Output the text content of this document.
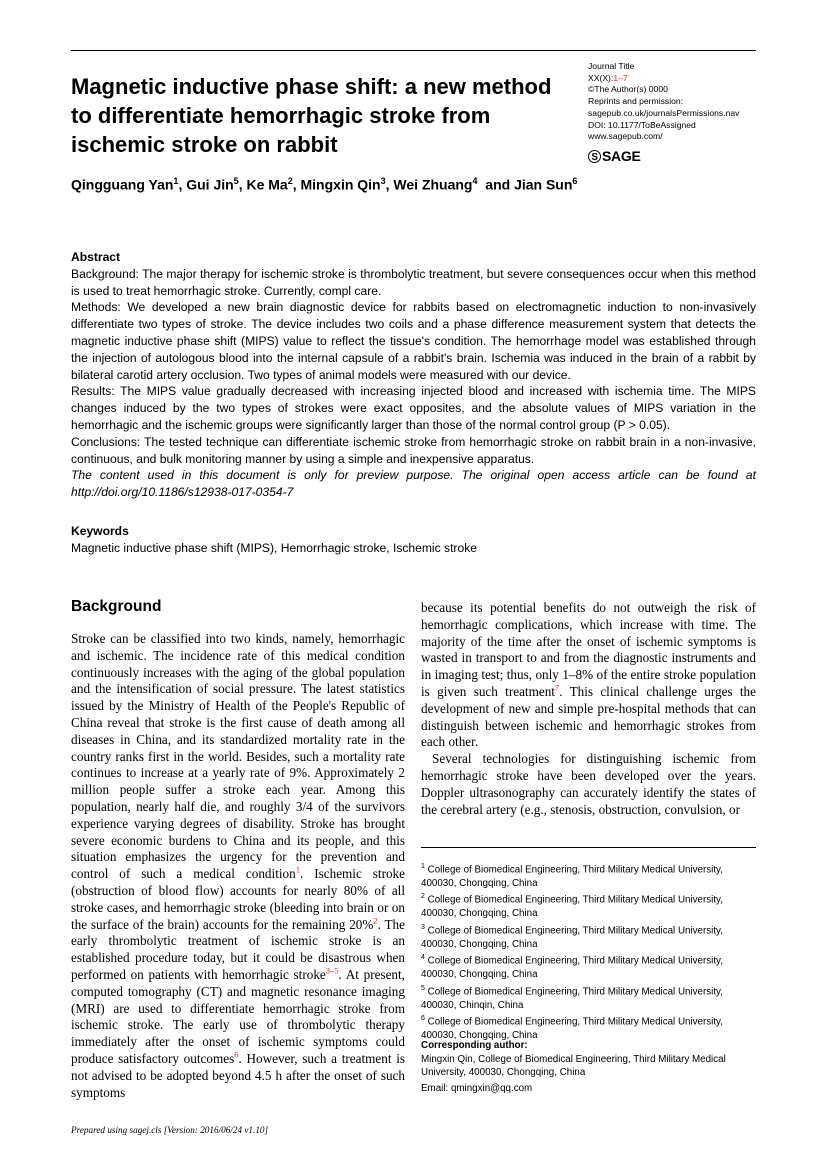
Magnetic inductive phase shift: a new method to differentiate hemorrhagic stroke from ischemic stroke on rabbit
Journal Title
XX(X):1–7
©The Author(s) 0000
Reprints and permission:
sagepub.co.uk/journalsPermissions.nav
DOI: 10.1177/ToBeAssigned
www.sagepub.com/
S SAGE
Qingguang Yan$^1$, Gui Jin$^5$, Ke Ma$^2$, Mingxin Qin$^3$, Wei Zhuang$^4$  and Jian Sun$^6$
Abstract

Background: The major therapy for ischemic stroke is thrombolytic treatment, but severe consequences occur when this method is used to treat hemorrhagic stroke. Currently, compl care.

Methods: We developed a new brain diagnostic device for rabbits based on electromagnetic induction to non-invasively differentiate two types of stroke. The device includes two coils and a phase difference measurement system that detects the magnetic inductive phase shift (MIPS) value to reflect the tissue's condition. The hemorrhage model was established through the injection of autologous blood into the internal capsule of a rabbit's brain. Ischemia was induced in the brain of a rabbit by bilateral carotid artery occlusion. Two types of animal models were measured with our device.

Results: The MIPS value gradually decreased with increasing injected blood and increased with ischemia time. The MIPS changes induced by the two types of strokes were exact opposites, and the absolute values of MIPS variation in the hemorrhagic and the ischemic groups were significantly larger than those of the normal control group (P > 0.05).

Conclusions: The tested technique can differentiate ischemic stroke from hemorrhagic stroke on rabbit brain in a non-invasive, continuous, and bulk monitoring manner by using a simple and inexpensive apparatus.

The content used in this document is only for preview purpose. The original open access article can be found at http://doi.org/10.1186/s12938-017-0354-7

Keywords

Magnetic inductive phase shift (MIPS), Hemorrhagic stroke, Ischemic stroke

Background

Stroke can be classified into two kinds, namely, hemorrhagic and ischemic. The incidence rate of this medical condition continuously increases with the aging of the global population and the intensification of social pressure. The latest statistics issued by the Ministry of Health of the People's Republic of China reveal that stroke is the first cause of death among all diseases in China, and its standardized mortality rate in the country ranks first in the world. Besides, such a mortality rate continues to increase at a yearly rate of 9%. Approximately 2 million people suffer a stroke each year. Among this population, nearly half die, and roughly 3/4 of the survivors experience varying degrees of disability. Stroke has brought severe economic burdens to China and its people, and this situation emphasizes the urgency for the prevention and control of such a medical condition$^1$. Ischemic stroke (obstruction of blood flow) accounts for nearly 80% of all stroke cases, and hemorrhagic stroke (bleeding into brain or on the surface of the brain) accounts for the remaining 20%$^2$. The early thrombolytic treatment of ischemic stroke is an established procedure today, but it could be disastrous when performed on patients with hemorrhagic stroke$^{3-5}$. At present, computed tomography (CT) and magnetic resonance imaging (MRI) are used to differentiate hemorrhagic stroke from ischemic stroke. The early use of thrombolytic therapy immediately after the onset of ischemic symptoms could produce satisfactory outcomes$^6$. However, such a treatment is not advised to be adopted beyond 4.5 h after the onset of such symptoms

because its potential benefits do not outweigh the risk of hemorrhagic complications, which increase with time. The majority of the time after the onset of ischemic symptoms is wasted in transport to and from the diagnostic instruments and in imaging test; thus, only 1–8% of the entire stroke population is given such treatment$^7$. This clinical challenge urges the development of new and simple pre-hospital methods that can distinguish between ischemic and hemorrhagic strokes from each other.

Several technologies for distinguishing ischemic from hemorrhagic stroke have been developed over the years. Doppler ultrasonography can accurately identify the states of the cerebral artery (e.g., stenosis, obstruction, convulsion, or

$^1$ College of Biomedical Engineering, Third Military Medical University, 400030, Chongqing, China
$^2$ College of Biomedical Engineering, Third Military Medical University, 400030, Chongqing, China
$^3$ College of Biomedical Engineering, Third Military Medical University, 400030, Chongqing, China
$^4$ College of Biomedical Engineering, Third Military Medical University, 400030, Chongqing, China
$^5$ College of Biomedical Engineering, Third Military Medical University, 400030, Chinqin, China
$^6$ College of Biomedical Engineering, Third Military Medical University, 400030, Chongqing, China
Corresponding author:
Mingxin Qin, College of Biomedical Engineering, Third Military Medical University, 400030, Chongqing, China
Email: qmingxin@qq.com
Prepared using sagej.cls [Version: 2016/06/24 v1.10]
